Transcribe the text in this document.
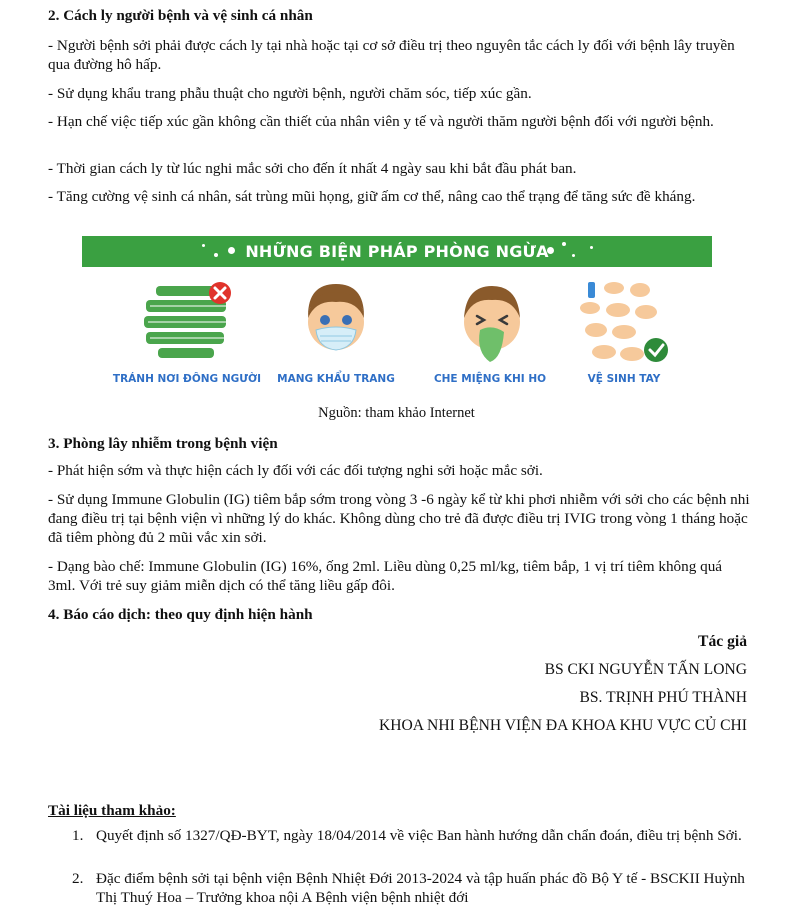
2. Cách ly người bệnh và vệ sinh cá nhân

- Người bệnh sởi phải được cách ly tại nhà hoặc tại cơ sở điều trị theo nguyên tắc cách ly đối với bệnh lây truyền qua đường hô hấp.

- Sử dụng khẩu trang phẫu thuật cho người bệnh, người chăm sóc, tiếp xúc gần.

- Hạn chế việc tiếp xúc gần không cần thiết của nhân viên y tế và người thăm người bệnh đối với người bệnh.

- Thời gian cách ly từ lúc nghi mắc sởi cho đến ít nhất 4 ngày sau khi bắt đầu phát ban.

- Tăng cường vệ sinh cá nhân, sát trùng mũi họng, giữ ấm cơ thể, nâng cao thể trạng để tăng sức đề kháng.

NHỮNG BIỆN PHÁP PHÒNG NGỪA
TRÁNH NƠI ĐÔNG NGƯỜI	MANG KHẨU TRANG	CHE MIỆNG KHI HO	VỆ SINH TAY
Nguồn: tham khảo Internet

3. Phòng lây nhiễm trong bệnh viện

- Phát hiện sớm và thực hiện cách ly đối với các đối tượng nghi sởi hoặc mắc sởi.

- Sử dụng Immune Globulin (IG) tiêm bắp sớm trong vòng 3 -6 ngày kể từ khi phơi nhiễm với sởi cho các bệnh nhi đang điều trị tại bệnh viện vì những lý do khác. Không dùng cho trẻ đã được điều trị IVIG trong vòng 1 tháng hoặc đã tiêm phòng đủ 2 mũi vắc xin sởi.

- Dạng bào chế: Immune Globulin (IG) 16%, ống 2ml. Liều dùng 0,25 ml/kg, tiêm bắp, 1 vị trí tiêm không quá 3ml. Với trẻ suy giảm miễn dịch có thể tăng liều gấp đôi.

4. Báo cáo dịch: theo quy định hiện hành

Tác giả
BS CKI NGUYỄN TẤN LONG
BS. TRỊNH PHÚ THÀNH
KHOA NHI BỆNH VIỆN ĐA KHOA KHU VỰC CỦ CHI

Tài liệu tham khảo:

1. Quyết định số 1327/QĐ-BYT, ngày 18/04/2014 về việc Ban hành hướng dẫn chẩn đoán, điều trị bệnh Sởi.
2. Đặc điểm bệnh sởi tại bệnh viện Bệnh Nhiệt Đới 2013-2024 và tập huấn phác đồ Bộ Y tế - BSCKII Huỳnh Thị Thuý Hoa – Trưởng khoa nội A Bệnh viện bệnh nhiệt đới
